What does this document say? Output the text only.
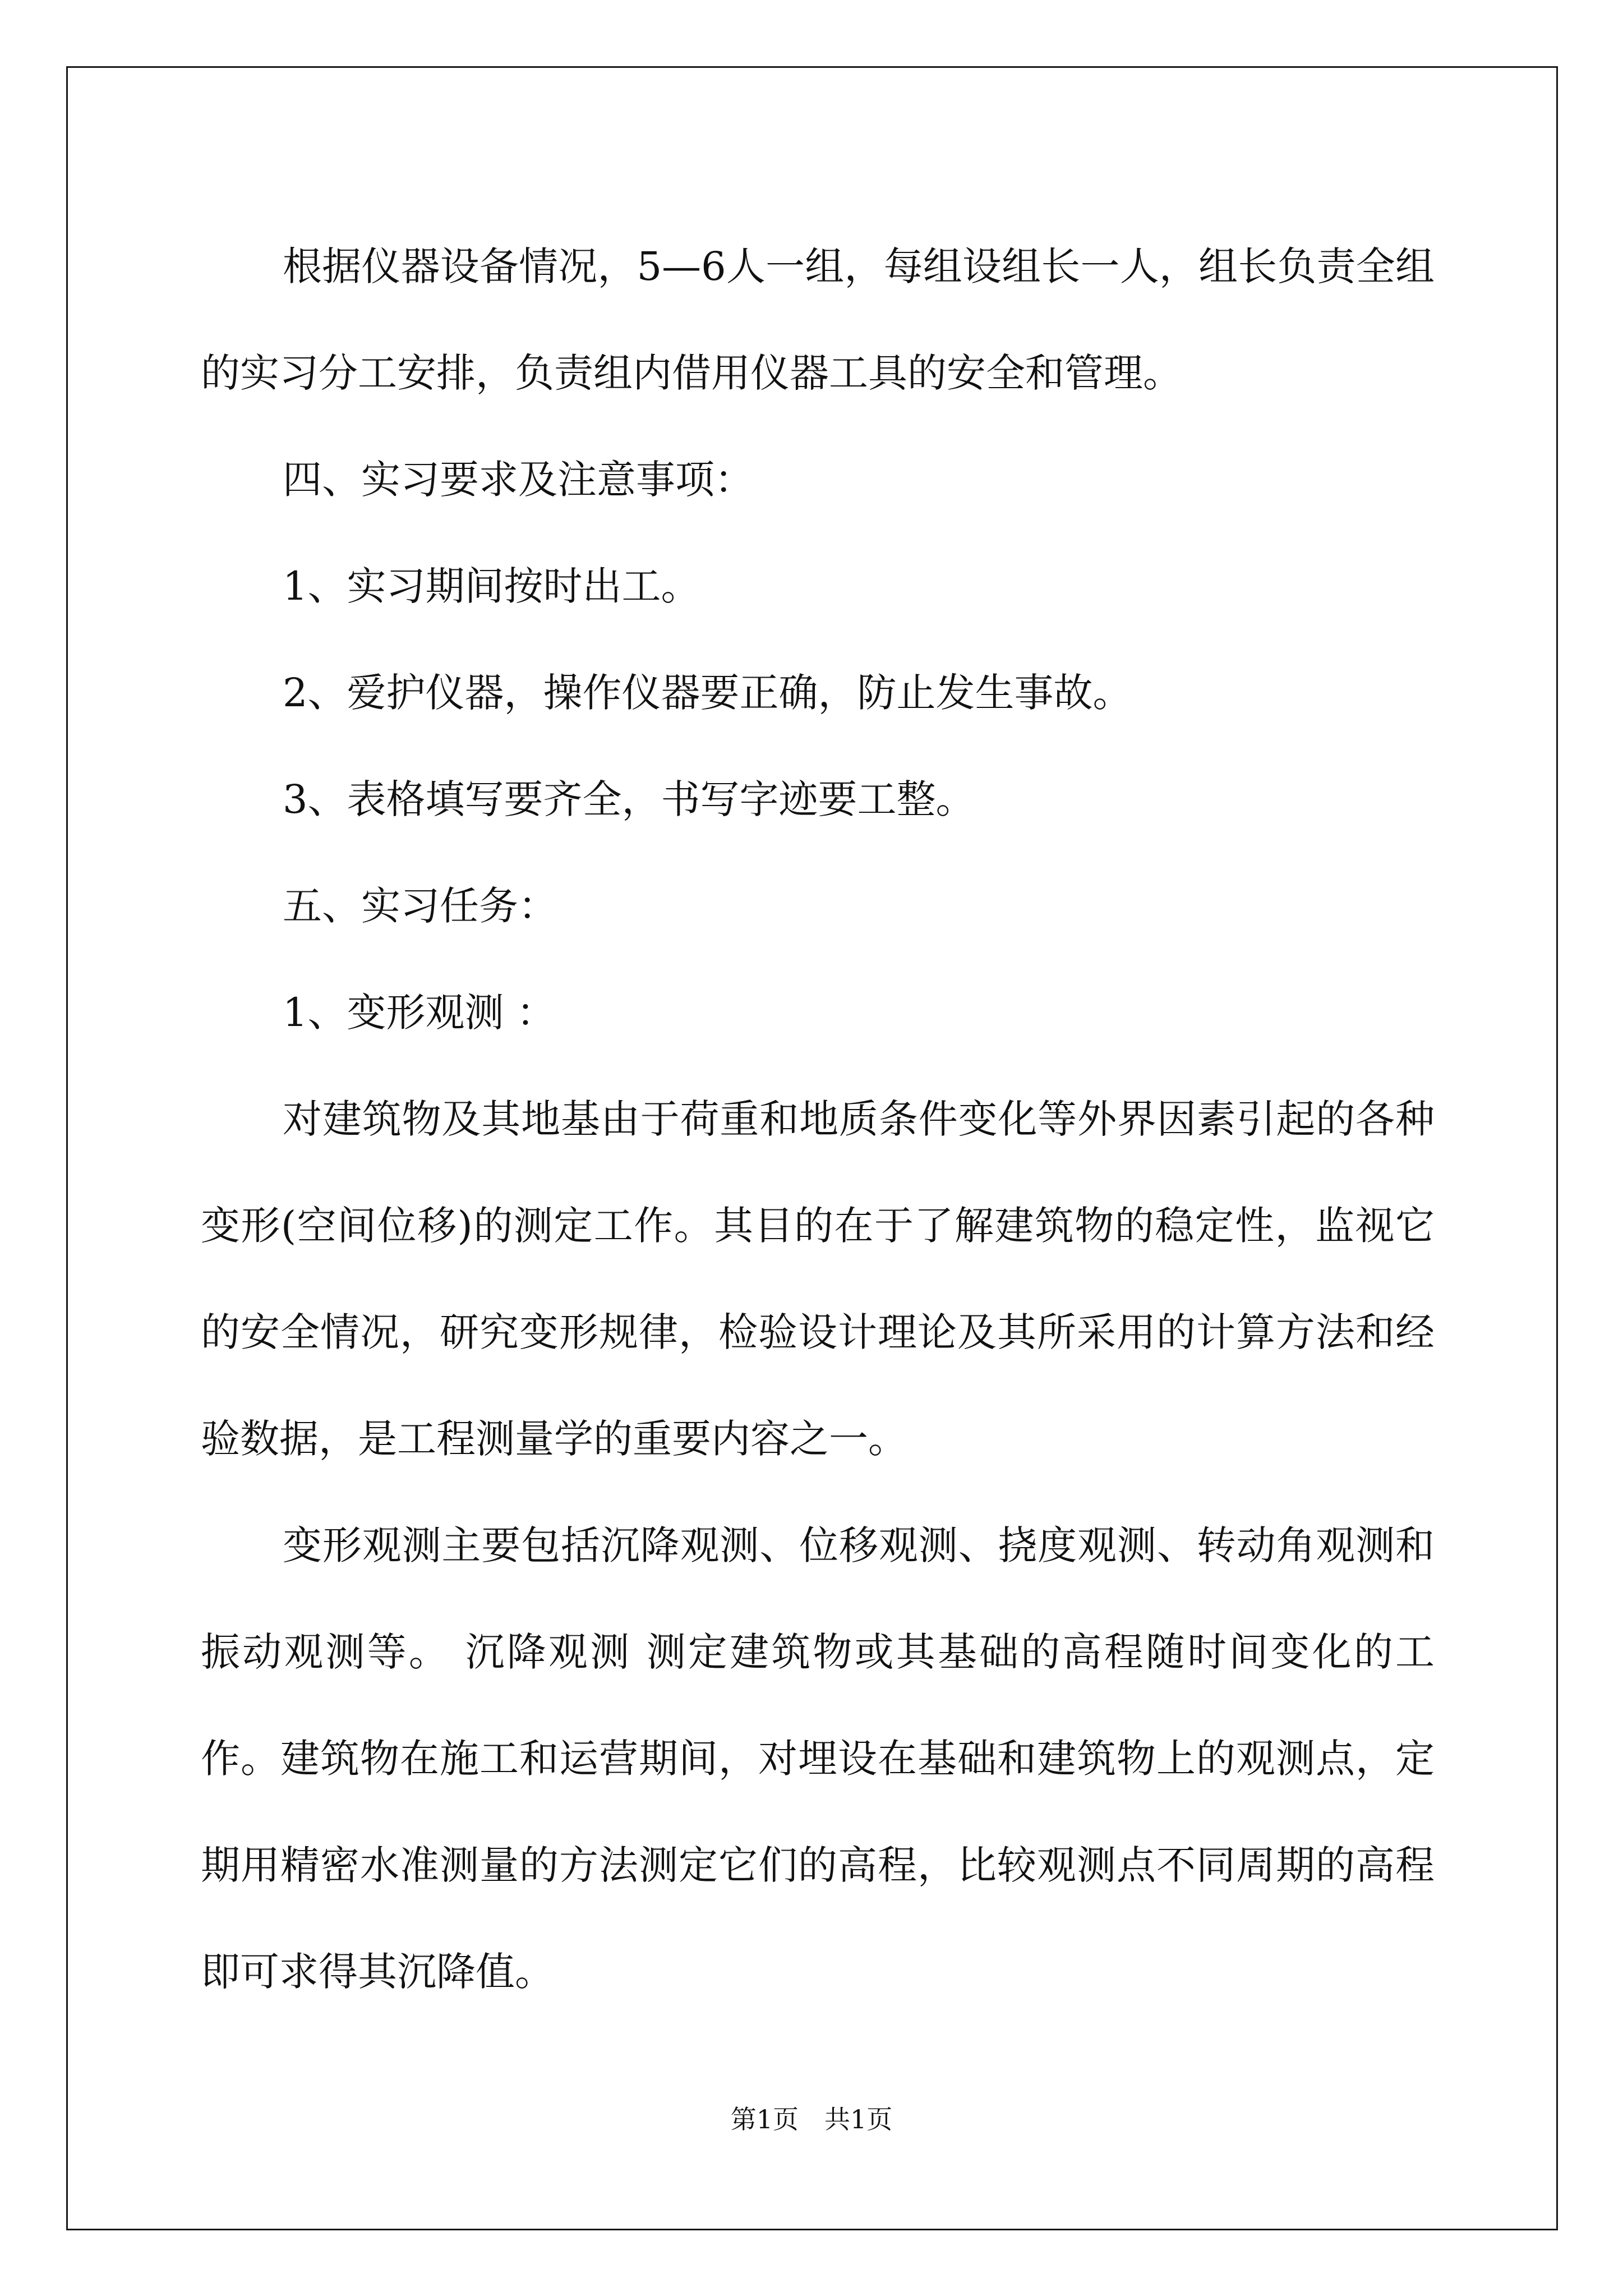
根据仪器设备情况，5—6人一组，每组设组长一人，组长负责全组的实习分工安排，负责组内借用仪器工具的安全和管理。

四、实习要求及注意事项：

1、实习期间按时出工。

2、爱护仪器，操作仪器要正确，防止发生事故。

3、表格填写要齐全，书写字迹要工整。

五、实习任务：

1、变形观测 ：

对建筑物及其地基由于荷重和地质条件变化等外界因素引起的各种变形(空间位移)的测定工作。其目的在于了解建筑物的稳定性，监视它的安全情况，研究变形规律，检验设计理论及其所采用的计算方法和经验数据，是工程测量学的重要内容之一。

变形观测主要包括沉降观测、位移观测、挠度观测、转动角观测和振动观测等。 沉降观测 测定建筑物或其基础的高程随时间变化的工作。建筑物在施工和运营期间，对埋设在基础和建筑物上的观测点，定期用精密水准测量的方法测定它们的高程，比较观测点不同周期的高程即可求得其沉降值。

第1页　共1页
